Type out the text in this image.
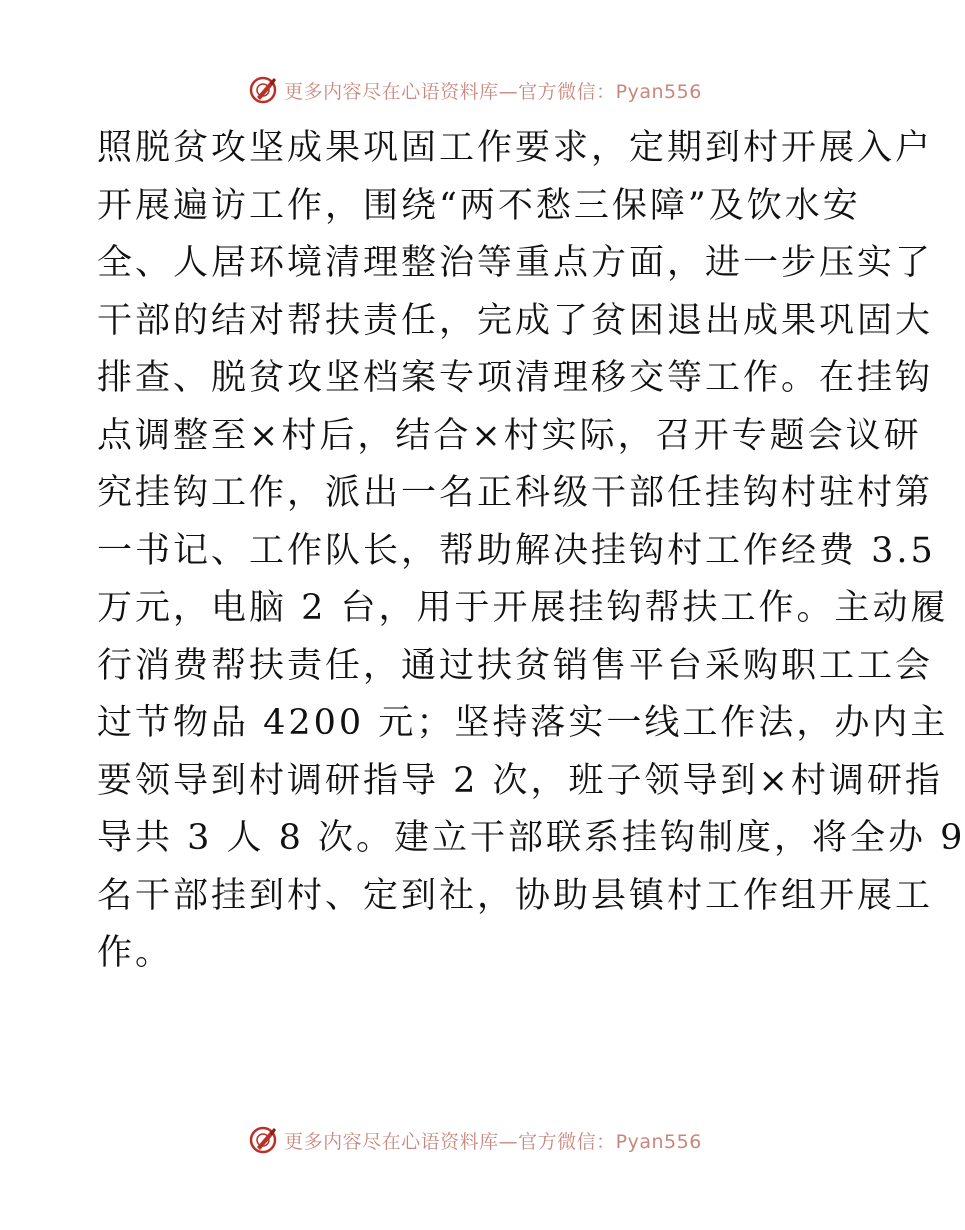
更多内容尽在心语资料库—官方微信：Pyan556
照脱贫攻坚成果巩固工作要求，定期到村开展入户
开展遍访工作，围绕“两不愁三保障”及饮水安
全、人居环境清理整治等重点方面，进一步压实了
干部的结对帮扶责任，完成了贫困退出成果巩固大
排查、脱贫攻坚档案专项清理移交等工作。在挂钩
点调整至×村后，结合×村实际，召开专题会议研
究挂钩工作，派出一名正科级干部任挂钩村驻村第
一书记、工作队长，帮助解决挂钩村工作经费 3.5
万元，电脑 2 台，用于开展挂钩帮扶工作。主动履
行消费帮扶责任，通过扶贫销售平台采购职工工会
过节物品 4200 元；坚持落实一线工作法，办内主
要领导到村调研指导 2 次，班子领导到×村调研指
导共 3 人 8 次。建立干部联系挂钩制度，将全办 9
名干部挂到村、定到社，协助县镇村工作组开展工
作。
更多内容尽在心语资料库—官方微信：Pyan556
